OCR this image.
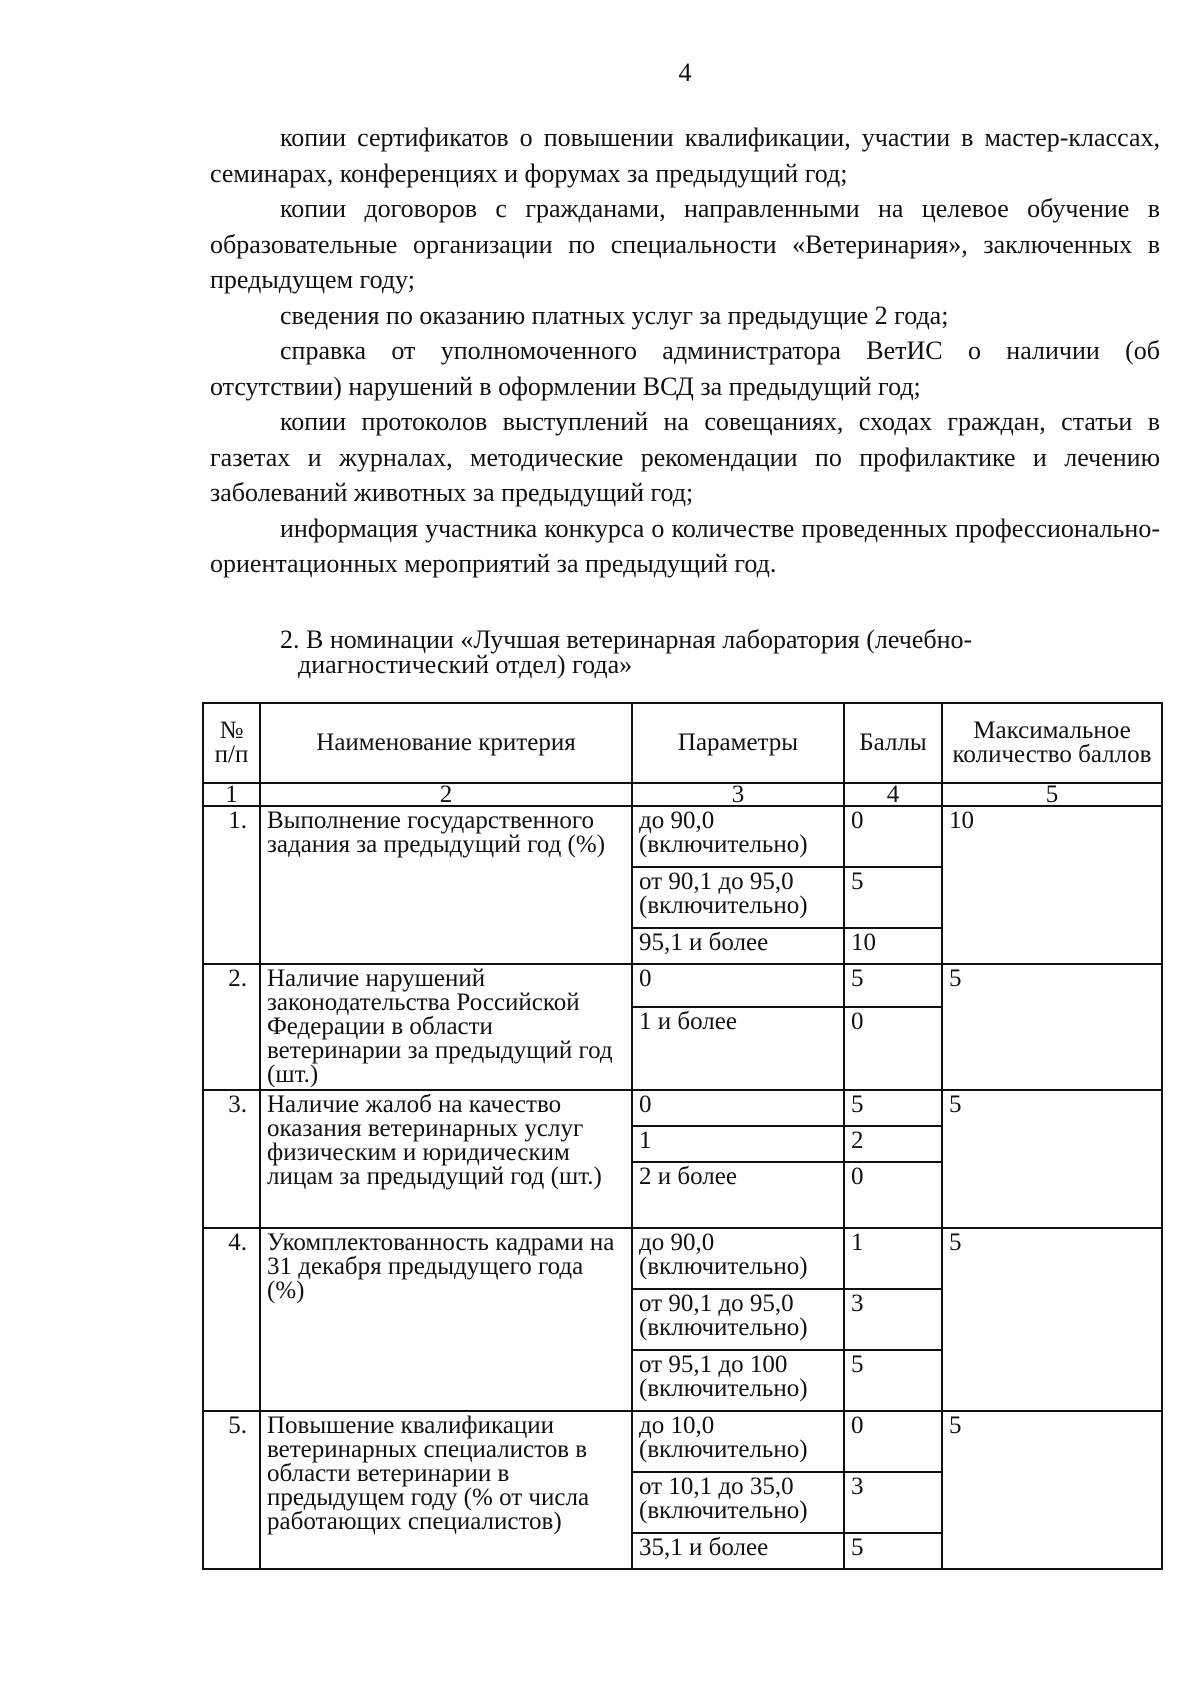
4

копии сертификатов о повышении квалификации, участии в мастер-классах, семинарах, конференциях и форумах за предыдущий год;

копии договоров с гражданами, направленными на целевое обучение в образовательные организации по специальности «Ветеринария», заключенных в предыдущем году;

сведения по оказанию платных услуг за предыдущие 2 года;

справка от уполномоченного администратора ВетИС о наличии (об отсутствии) нарушений в оформлении ВСД за предыдущий год;

копии протоколов выступлений на совещаниях, сходах граждан, статьи в газетах и журналах, методические рекомендации по профилактике и лечению заболеваний животных за предыдущий год;

информация участника конкурса о количестве проведенных профессионально-ориентационных мероприятий за предыдущий год.

2. В номинации «Лучшая ветеринарная лаборатория (лечебно-диагностический отдел) года»

№ п/п	Наименование критерия	Параметры	Баллы	Максимальное количество баллов
1	2	3	4	5
1.	Выполнение государственного задания за предыдущий год (%)	до 90,0 (включительно)	0	10
		от 90,1 до 95,0 (включительно)	5	
		95,1 и более	10	
2.	Наличие нарушений законодательства Российской Федерации в области ветеринарии за предыдущий год (шт.)	0	5	5
		1 и более	0	
3.	Наличие жалоб на качество оказания ветеринарных услуг физическим и юридическим лицам за предыдущий год (шт.)	0	5	5
		1	2	
		2 и более	0	
4.	Укомплектованность кадрами на 31 декабря предыдущего года (%)	до 90,0 (включительно)	1	5
		от 90,1 до 95,0 (включительно)	3	
		от 95,1 до 100 (включительно)	5	
5.	Повышение квалификации ветеринарных специалистов в области ветеринарии в предыдущем году (% от числа работающих специалистов)	до 10,0 (включительно)	0	5
		от 10,1 до 35,0 (включительно)	3	
		35,1 и более	5	
